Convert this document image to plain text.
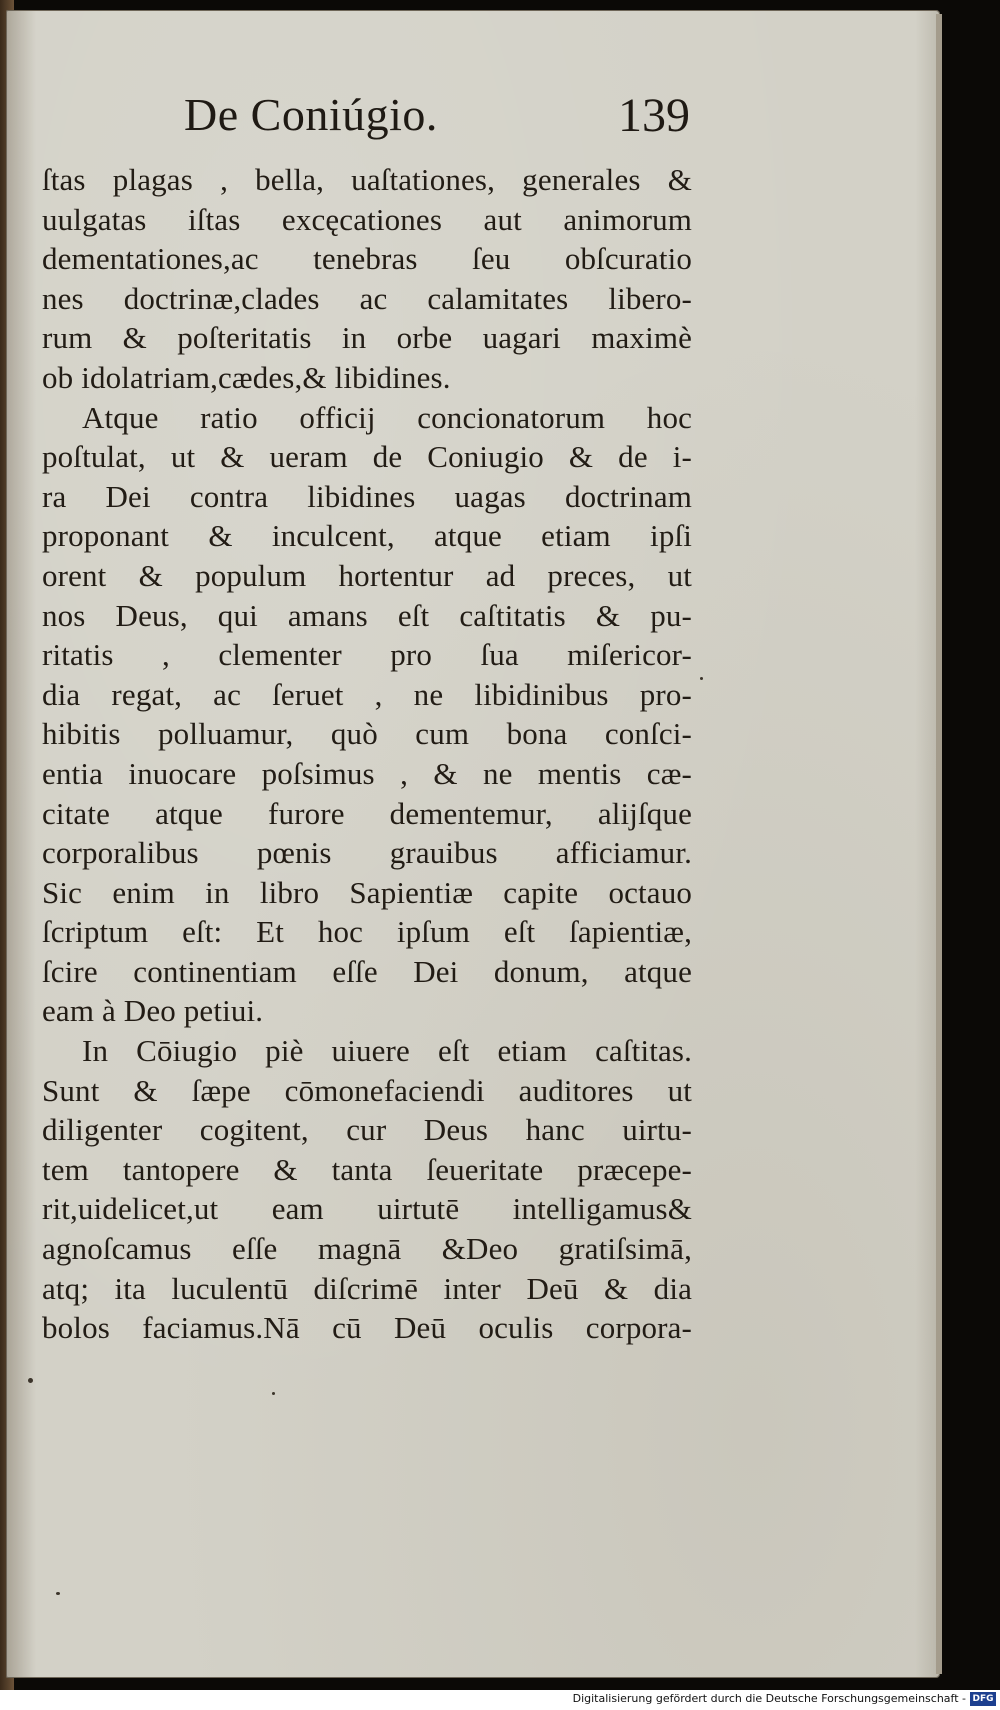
De Coniúgio.	139
ſtas plagas , bella, uaſtationes, generales &
uulgatas iſtas excęcationes aut animorum
dementationes,ac tenebras ſeu obſcuratio
nes doctrinæ,clades ac calamitates libero-
rum & poſteritatis in orbe uagari maximè
ob idolatriam,cædes,& libidines.
Atque ratio officij concionatorum hoc
poſtulat, ut & ueram de Coniugio & de i-
ra Dei contra libidines uagas doctrinam
proponant & inculcent, atque etiam ipſi
orent & populum hortentur ad preces, ut
nos Deus, qui amans eſt caſtitatis & pu-
ritatis , clementer pro ſua miſericor-
dia regat, ac ſeruet , ne libidinibus pro-
hibitis polluamur, quò cum bona conſci-
entia inuocare poſsimus , & ne mentis cæ-
citate atque furore dementemur, alijſque
corporalibus pœnis grauibus afficiamur.
Sic enim in libro Sapientiæ capite octauo
ſcriptum eſt: Et hoc ipſum eſt ſapientiæ,
ſcire continentiam eſſe Dei donum, atque
eam à Deo petiui.
In Cōiugio piè uiuere eſt etiam caſtitas.
Sunt & ſæpe cōmonefaciendi auditores ut
diligenter cogitent, cur Deus hanc uirtu-
tem tantopere & tanta ſeueritate præcepe-
rit,uidelicet,ut eam uirtutē intelligamus&
agnoſcamus eſſe magnā &Deo gratiſsimā,
atq; ita luculentū diſcrimē inter Deū & dia
bolos faciamus.Nā cū Deū oculis corpora-
Digitalisierung gefördert durch die Deutsche Forschungsgemeinschaft - DFG
